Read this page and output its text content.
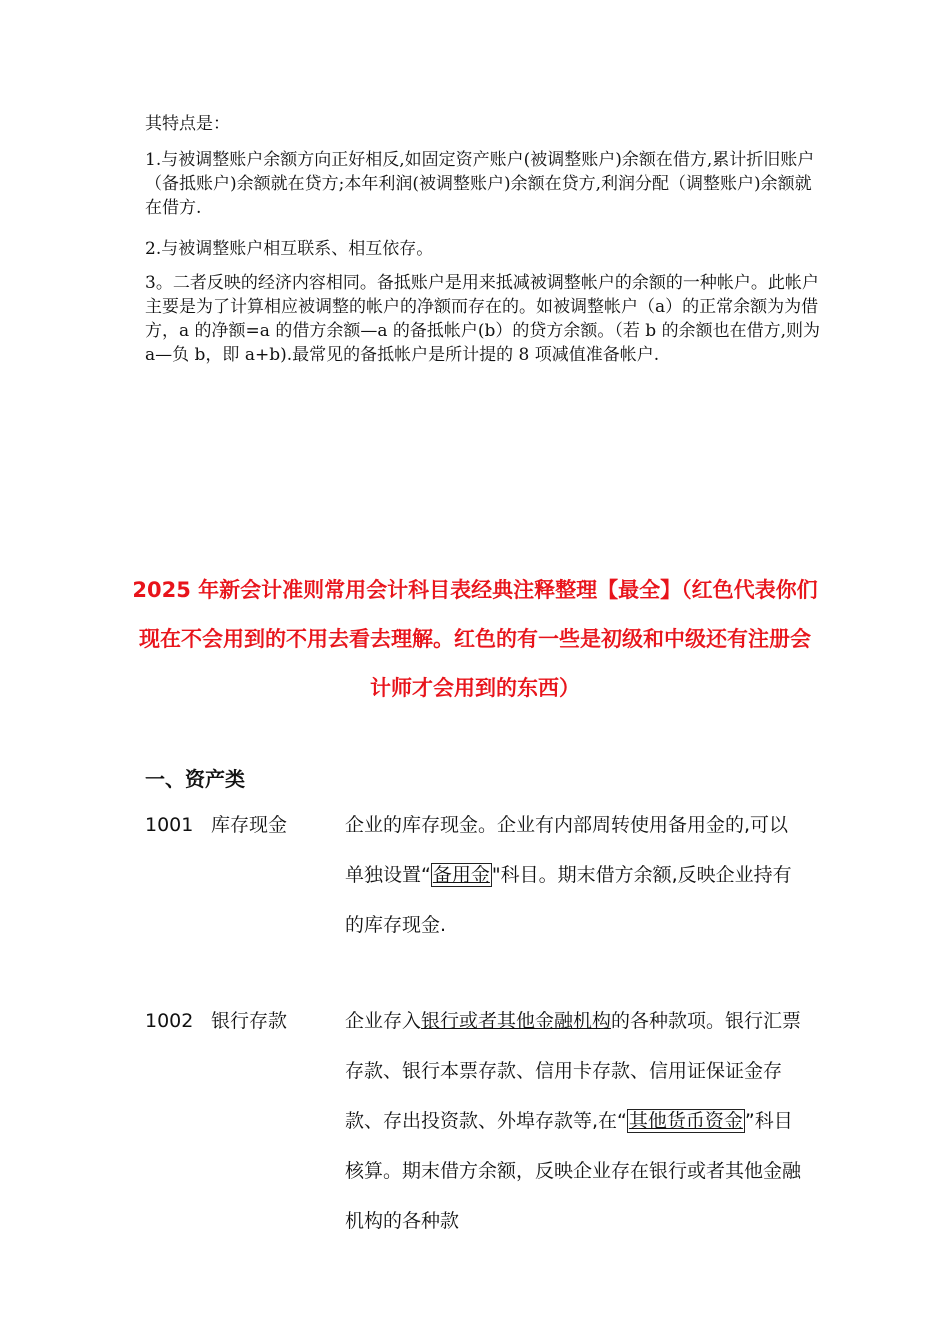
其特点是：

1.与被调整账户余额方向正好相反,如固定资产账户(被调整账户)余额在借方,累计折旧账户（备抵账户)余额就在贷方;本年利润(被调整账户)余额在贷方,利润分配（调整账户)余额就在借方.

2.与被调整账户相互联系、相互依存。

3。二者反映的经济内容相同。备抵账户是用来抵减被调整帐户的余额的一种帐户。此帐户主要是为了计算相应被调整的帐户的净额而存在的。如被调整帐户（a）的正常余额为为借方，a 的净额=a 的借方余额—a 的备抵帐户(b）的贷方余额。（若 b 的余额也在借方,则为 a—负 b，即 a+b).最常见的备抵帐户是所计提的 8 项减值准备帐户.

2025 年新会计准则常用会计科目表经典注释整理【最全】（红色代表你们现在不会用到的不用去看去理解。红色的有一些是初级和中级还有注册会计师才会用到的东西）
一、资产类
1001 库存现金	企业的库存现金。企业有内部周转使用备用金的,可以单独设置“ 备用金 "科目。期末借方余额,反映企业持有的库存现金.
1002 银行存款	企业存入银行或者其他金融机构的各种款项。银行汇票存款、银行本票存款、信用卡存款、信用证保证金存款、存出投资款、外埠存款等,在“ 其他货币资金 ”科目核算。期末借方余额，反映企业存在银行或者其他金融机构的各种款
